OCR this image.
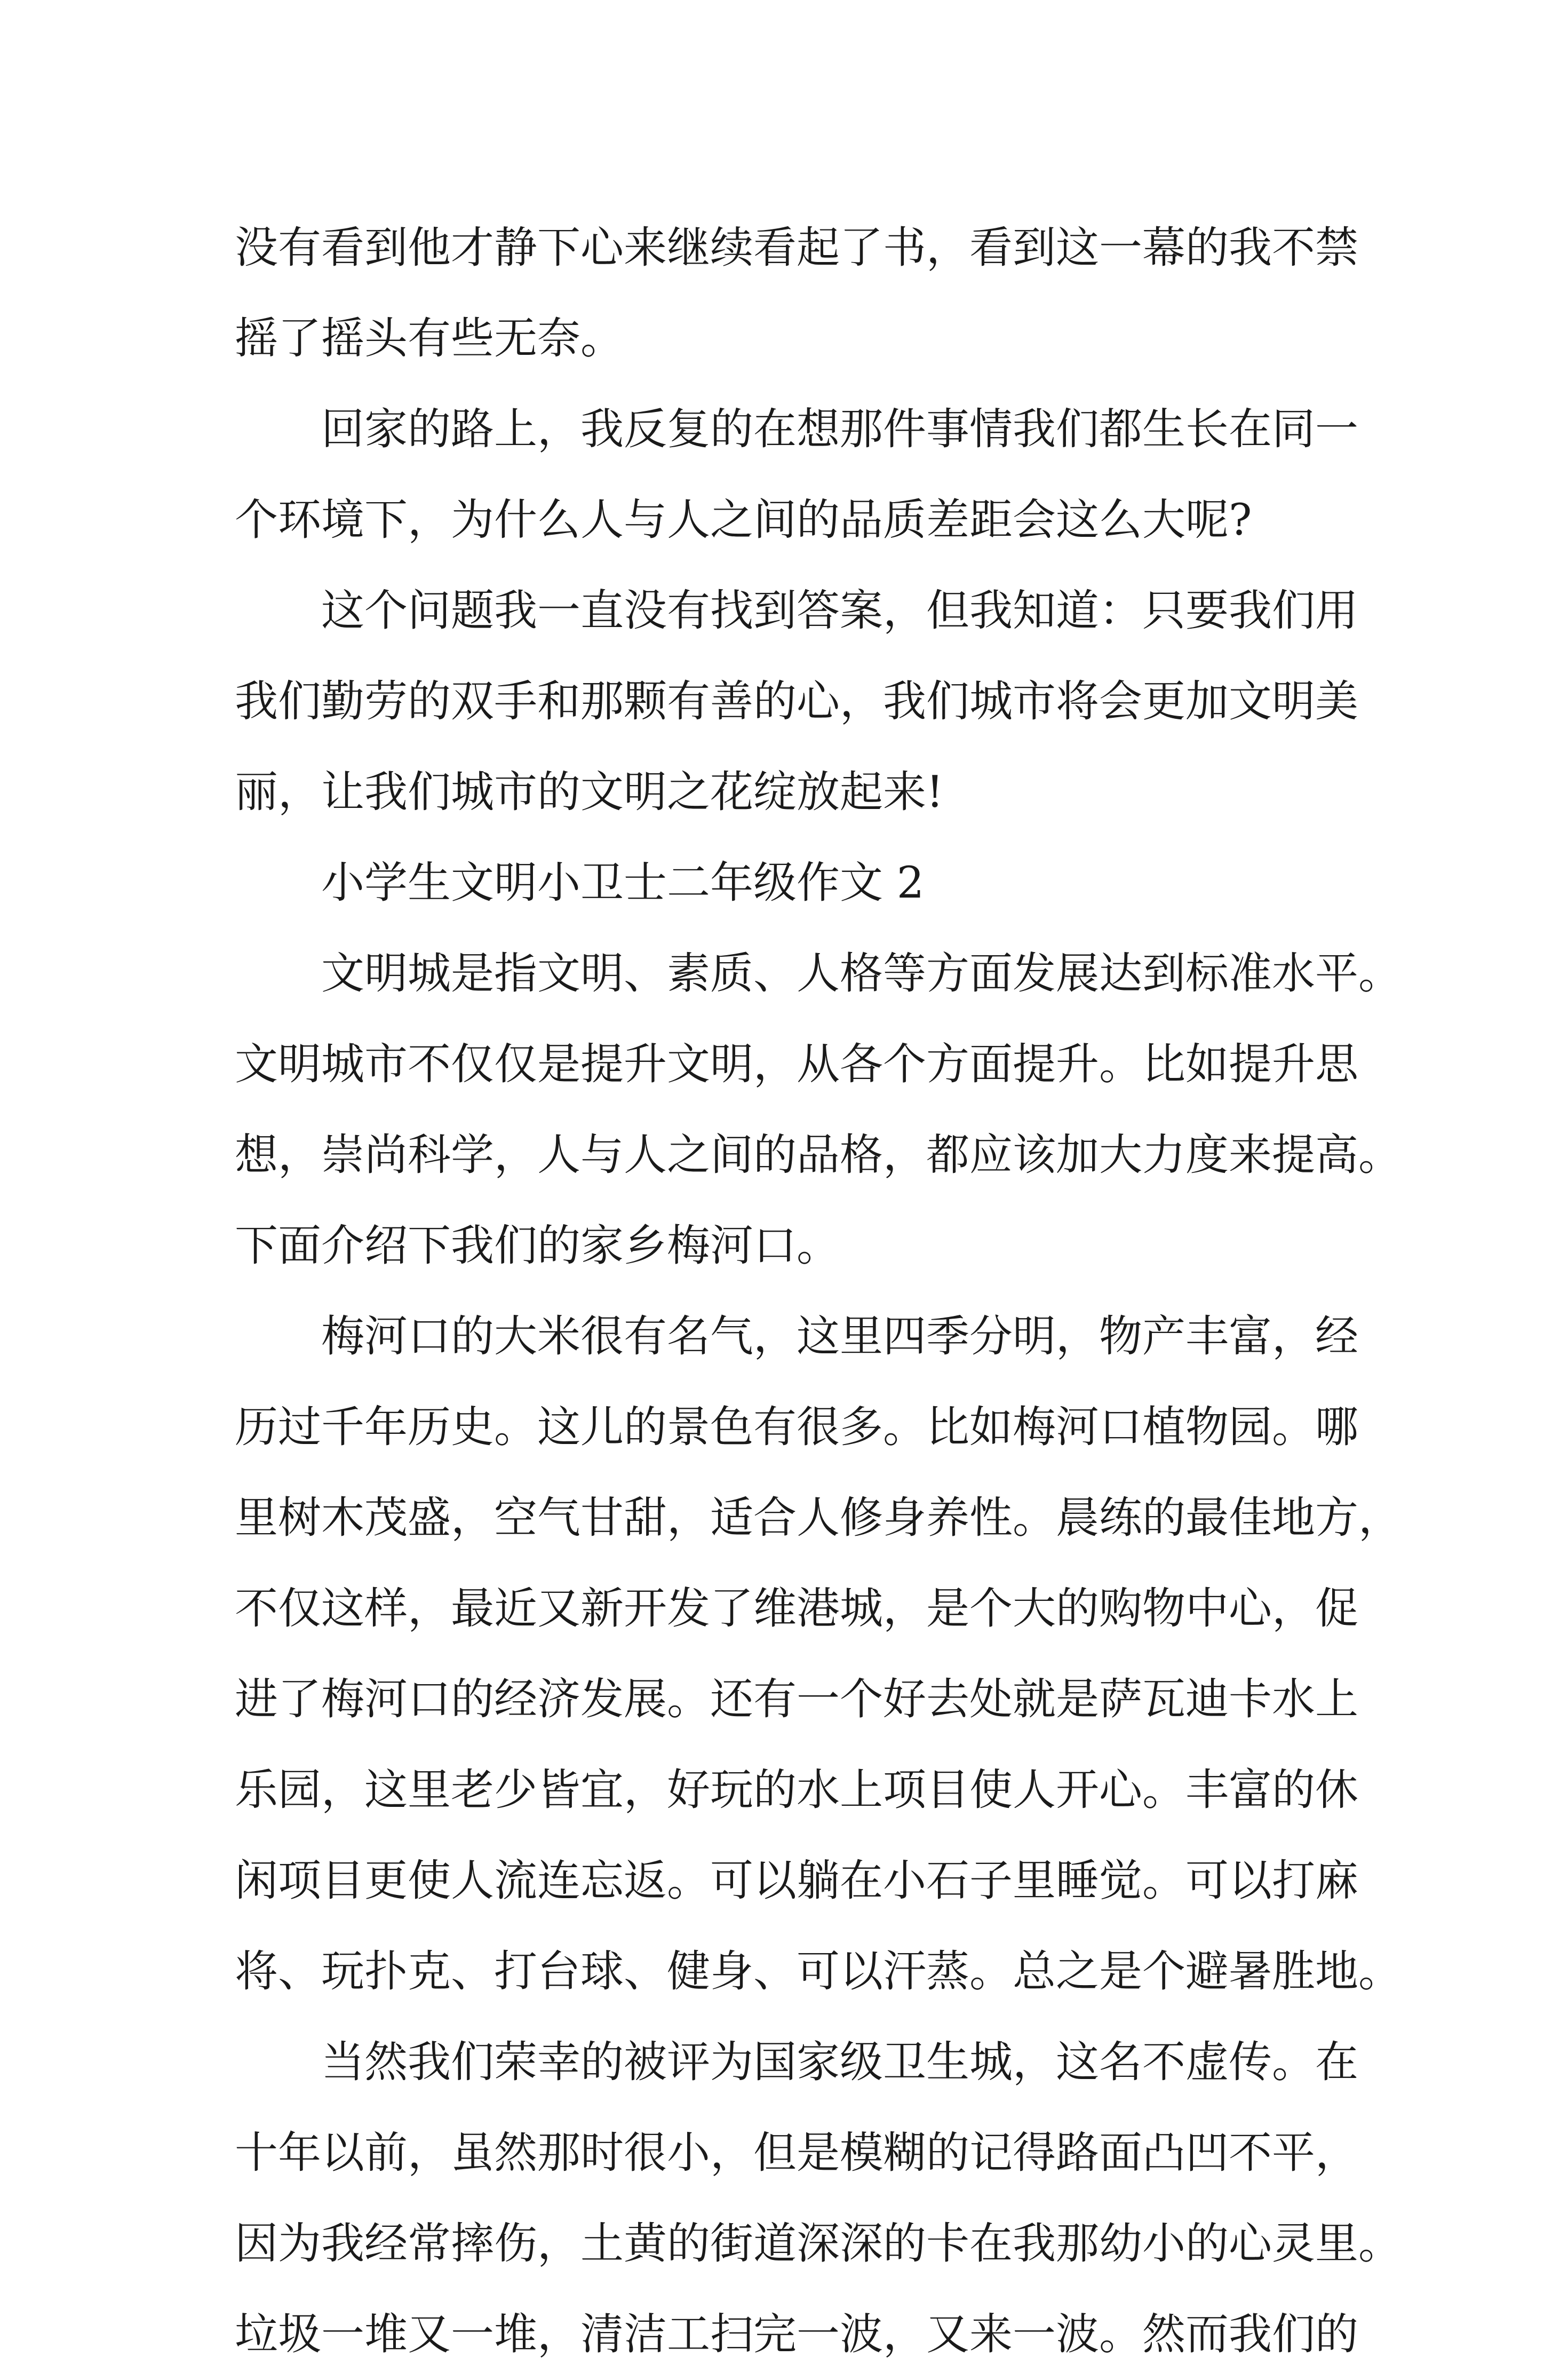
没有看到他才静下心来继续看起了书，看到这一幕的我不禁

摇了摇头有些无奈。

回家的路上，我反复的在想那件事情我们都生长在同一

个环境下，为什么人与人之间的品质差距会这么大呢?

这个问题我一直没有找到答案，但我知道：只要我们用

我们勤劳的双手和那颗有善的心，我们城市将会更加文明美

丽，让我们城市的文明之花绽放起来!

小学生文明小卫士二年级作文 2

文明城是指文明、素质、人格等方面发展达到标准水平。

文明城市不仅仅是提升文明，从各个方面提升。比如提升思

想，崇尚科学，人与人之间的品格，都应该加大力度来提高。

下面介绍下我们的家乡梅河口。

梅河口的大米很有名气，这里四季分明，物产丰富，经

历过千年历史。这儿的景色有很多。比如梅河口植物园。哪

里树木茂盛，空气甘甜，适合人修身养性。晨练的最佳地方，

不仅这样，最近又新开发了维港城，是个大的购物中心，促

进了梅河口的经济发展。还有一个好去处就是萨瓦迪卡水上

乐园，这里老少皆宜，好玩的水上项目使人开心。丰富的休

闲项目更使人流连忘返。可以躺在小石子里睡觉。可以打麻

将、玩扑克、打台球、健身、可以汗蒸。总之是个避暑胜地。

当然我们荣幸的被评为国家级卫生城，这名不虚传。在

十年以前，虽然那时很小，但是模糊的记得路面凸凹不平，

因为我经常摔伤，土黄的街道深深的卡在我那幼小的心灵里。

垃圾一堆又一堆，清洁工扫完一波，又来一波。然而我们的
